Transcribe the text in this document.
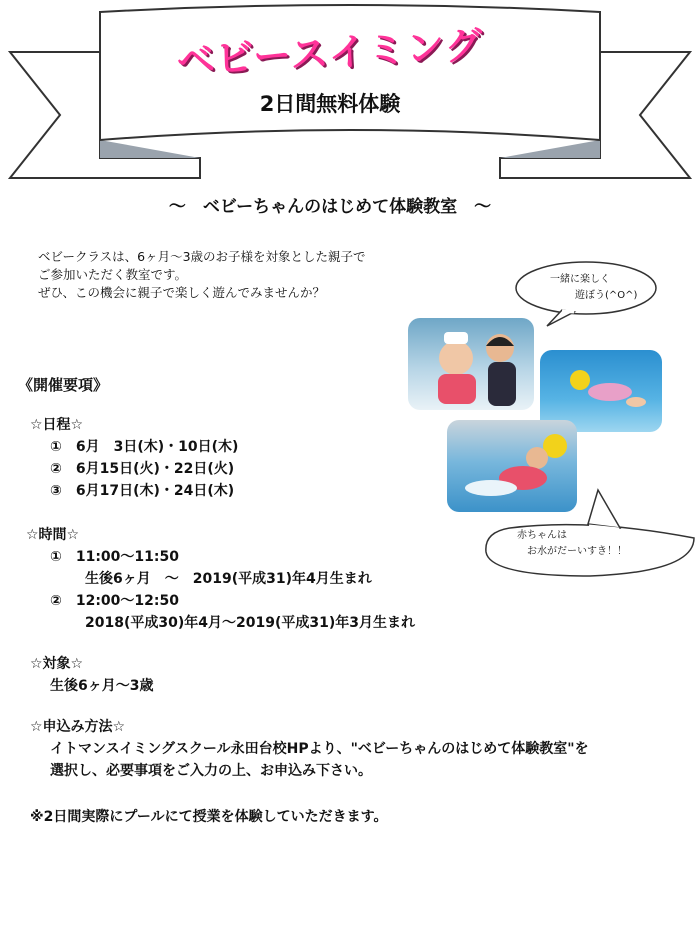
ベビースイミング
2日間無料体験
～　ベビーちゃんのはじめて体験教室　～
ベビークラスは、6ヶ月～3歳のお子様を対象とした親子で
ご参加いただく教室です。
ぜひ、この機会に親子で楽しく遊んでみませんか？
一緒に楽しく
遊ぼう(^O^)
赤ちゃんは
お水がだーいすき！！
《開催要項》
☆日程☆
①　6月　3日(木)・10日(木)
②　6月15日(火)・22日(火)
③　6月17日(木)・24日(木)
☆時間☆
①　11:00～11:50
生後6ヶ月　～　2019(平成31)年4月生まれ
②　12:00～12:50
2018(平成30)年4月～2019(平成31)年3月生まれ
☆対象☆
生後6ヶ月～3歳
☆申込み方法☆
イトマンスイミングスクール永田台校HPより、"ベビーちゃんのはじめて体験教室"を
選択し、必要事項をご入力の上、お申込み下さい。
※2日間実際にプールにて授業を体験していただきます。
